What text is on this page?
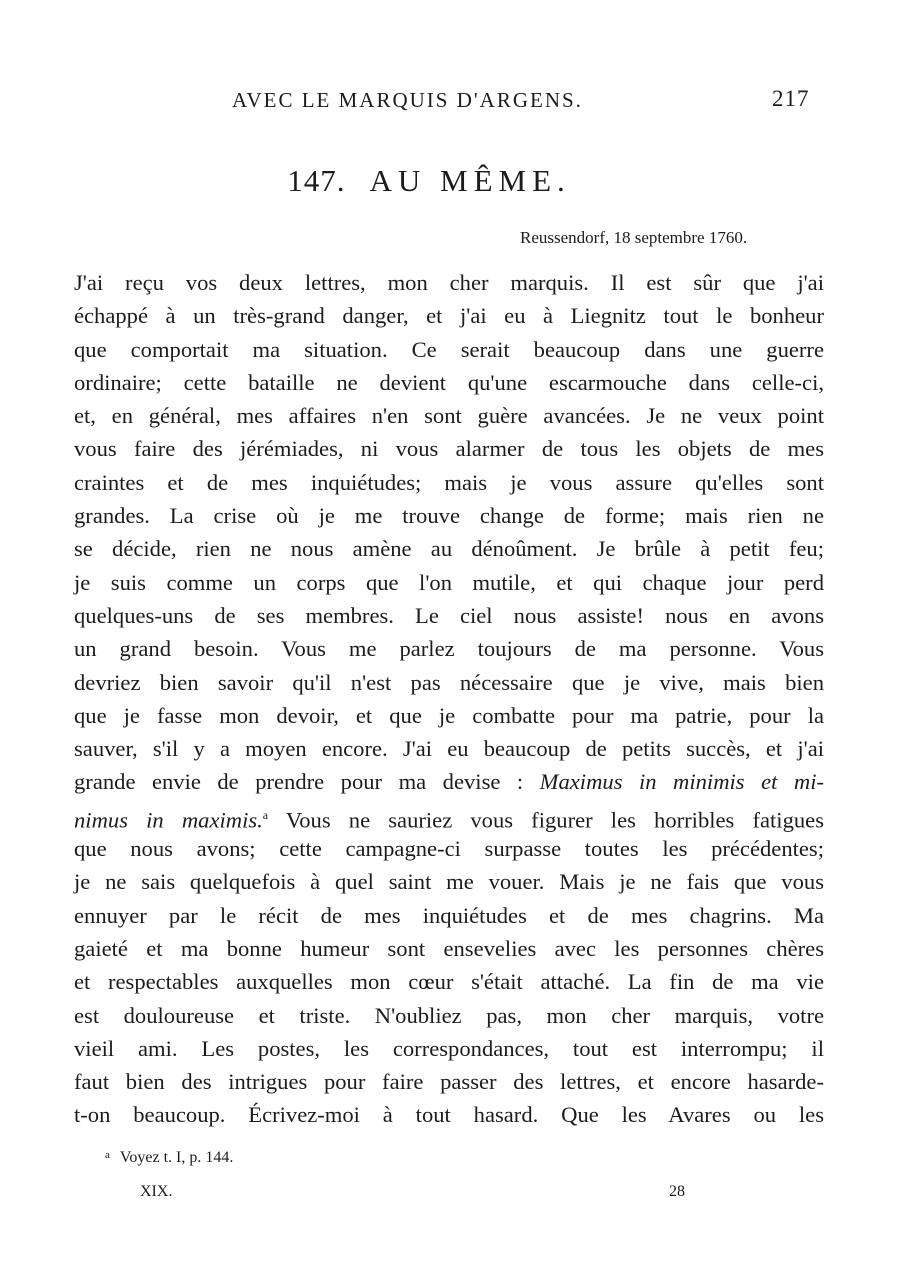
AVEC LE MARQUIS D'ARGENS.	217
147. AU MÊME.
Reussendorf, 18 septembre 1760.
J'ai reçu vos deux lettres, mon cher marquis. Il est sûr que j'ai
échappé à un très-grand danger, et j'ai eu à Liegnitz tout le bonheur
que comportait ma situation. Ce serait beaucoup dans une guerre
ordinaire; cette bataille ne devient qu'une escarmouche dans celle-ci,
et, en général, mes affaires n'en sont guère avancées. Je ne veux point
vous faire des jérémiades, ni vous alarmer de tous les objets de mes
craintes et de mes inquiétudes; mais je vous assure qu'elles sont
grandes. La crise où je me trouve change de forme; mais rien ne
se décide, rien ne nous amène au dénoûment. Je brûle à petit feu;
je suis comme un corps que l'on mutile, et qui chaque jour perd
quelques-uns de ses membres. Le ciel nous assiste! nous en avons
un grand besoin. Vous me parlez toujours de ma personne. Vous
devriez bien savoir qu'il n'est pas nécessaire que je vive, mais bien
que je fasse mon devoir, et que je combatte pour ma patrie, pour la
sauver, s'il y a moyen encore. J'ai eu beaucoup de petits succès, et j'ai
grande envie de prendre pour ma devise : Maximus in minimis et mi-
nimus in maximis.$^a$ Vous ne sauriez vous figurer les horribles fatigues
que nous avons; cette campagne-ci surpasse toutes les précédentes;
je ne sais quelquefois à quel saint me vouer. Mais je ne fais que vous
ennuyer par le récit de mes inquiétudes et de mes chagrins. Ma
gaieté et ma bonne humeur sont ensevelies avec les personnes chères
et respectables auxquelles mon cœur s'était attaché. La fin de ma vie
est douloureuse et triste. N'oubliez pas, mon cher marquis, votre
vieil ami. Les postes, les correspondances, tout est interrompu; il
faut bien des intrigues pour faire passer des lettres, et encore hasarde-
t-on beaucoup. Écrivez-moi à tout hasard. Que les Avares ou les
$^a$ Voyez t. I, p. 144.
XIX.	28
